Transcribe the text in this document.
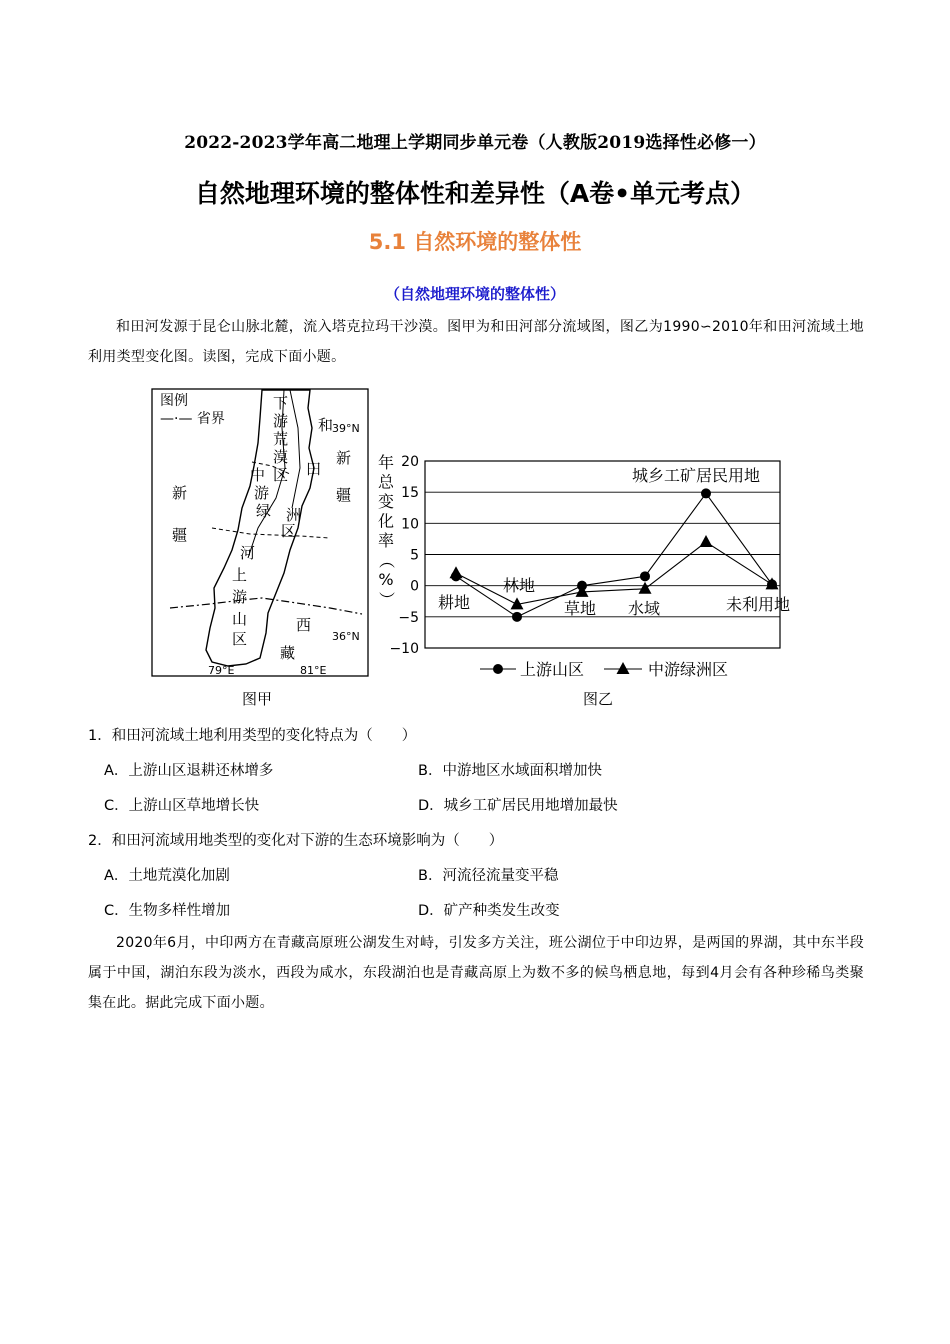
2022-2023学年高二地理上学期同步单元卷（人教版2019选择性必修一）
自然地理环境的整体性和差异性（A卷•单元考点）
5.1 自然环境的整体性
（自然地理环境的整体性）
和田河发源于昆仑山脉北麓，流入塔克拉玛干沙漠。图甲为和田河部分流域图，图乙为1990∽2010年和田河流域土地利用类型变化图。读图，完成下面小题。
图例
—·— 省界
新
疆
新
疆
西
藏
下
游
荒
漠
区
中
游
绿 洲
区
和
田
河
上
游
山
区
39°N
36°N
79°E	81°E
图甲
年
总
变
化
率
（
%
）
20
15
10
5
0
−5
−10
耕地
林地
草地 水域	未利用地
城乡工矿居民用地
上游山区	中游绿洲区
图乙
1．和田河流域土地利用类型的变化特点为（　　）
A．上游山区退耕还林增多	B．中游地区水域面积增加快
C．上游山区草地增长快	D．城乡工矿居民用地增加最快
2．和田河流域用地类型的变化对下游的生态环境影响为（　　）
A．土地荒漠化加剧	B．河流径流量变平稳
C．生物多样性增加	D．矿产种类发生改变
2020年6月，中印两方在青藏高原班公湖发生对峙，引发多方关注，班公湖位于中印边界，是两国的界湖，其中东半段属于中国，湖泊东段为淡水，西段为咸水，东段湖泊也是青藏高原上为数不多的候鸟栖息地，每到4月会有各种珍稀鸟类聚集在此。据此完成下面小题。
